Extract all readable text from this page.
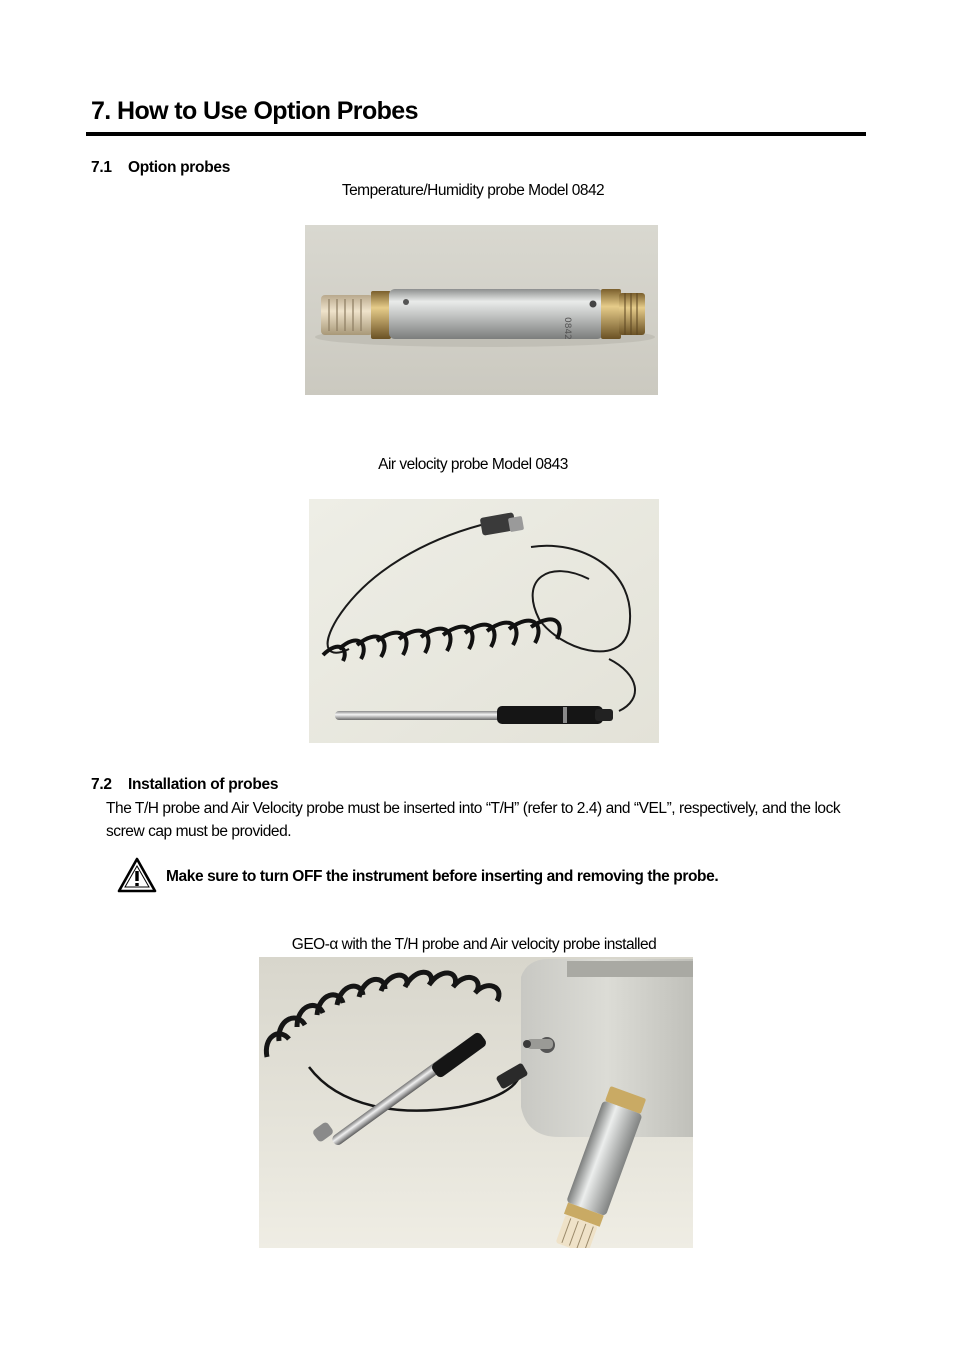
7. How to Use Option Probes
7.1 Option probes
Temperature/Humidity probe Model 0842
0842
Air velocity probe Model 0843
7.2 Installation of probes
The T/H probe and Air Velocity probe must be inserted into “T/H” (refer to 2.4) and “VEL”, respectively, and the lock screw cap must be provided.
Make sure to turn OFF the instrument before inserting and removing the probe.
GEO-α with the T/H probe and Air velocity probe installed
